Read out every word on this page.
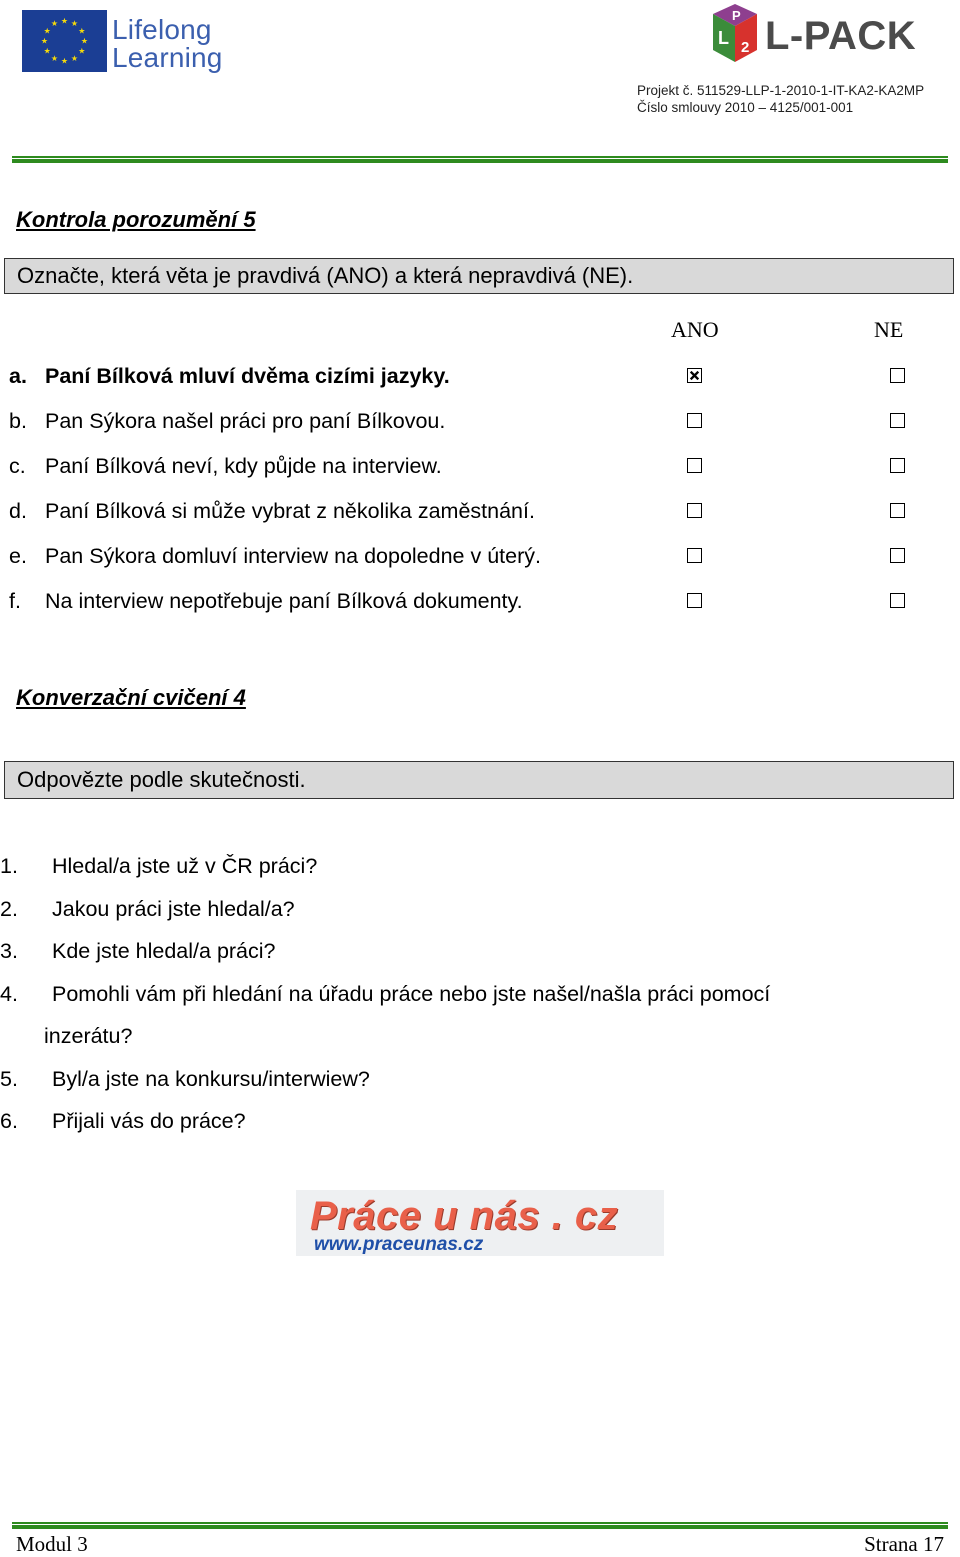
★ ★
★
★
★
★
★
★
★
★
★
★ Lifelong
Learning
P
L 2 L-PACK
Projekt č. 511529-LLP-1-2010-1-IT-KA2-KA2MP
Číslo smlouvy 2010 – 4125/001-001
Kontrola porozumění 5
Označte, která věta je pravdivá (ANO) a která nepravdivá (NE).
ANO	NE
a. Paní Bílková mluví dvěma cizími jazyky.
b. Pan Sýkora našel práci pro paní Bílkovou.
c. Paní Bílková neví, kdy půjde na interview.
d. Paní Bílková si může vybrat z několika zaměstnání.
e. Pan Sýkora domluví interview na dopoledne v úterý.
f. Na interview nepotřebuje paní Bílková dokumenty.
Konverzační cvičení 4
Odpovězte podle skutečnosti.
1. Hledal/a jste už v ČR práci?
2. Jakou práci jste hledal/a?
3. Kde jste hledal/a práci?
4. Pomohli vám při hledání na úřadu práce nebo jste našel/našla práci pomocí
inzerátu?
5. Byl/a jste na konkursu/interwiew?
6. Přijali vás do práce?
Práce u nás . cz
www.praceunas.cz
Modul 3	Strana 17
